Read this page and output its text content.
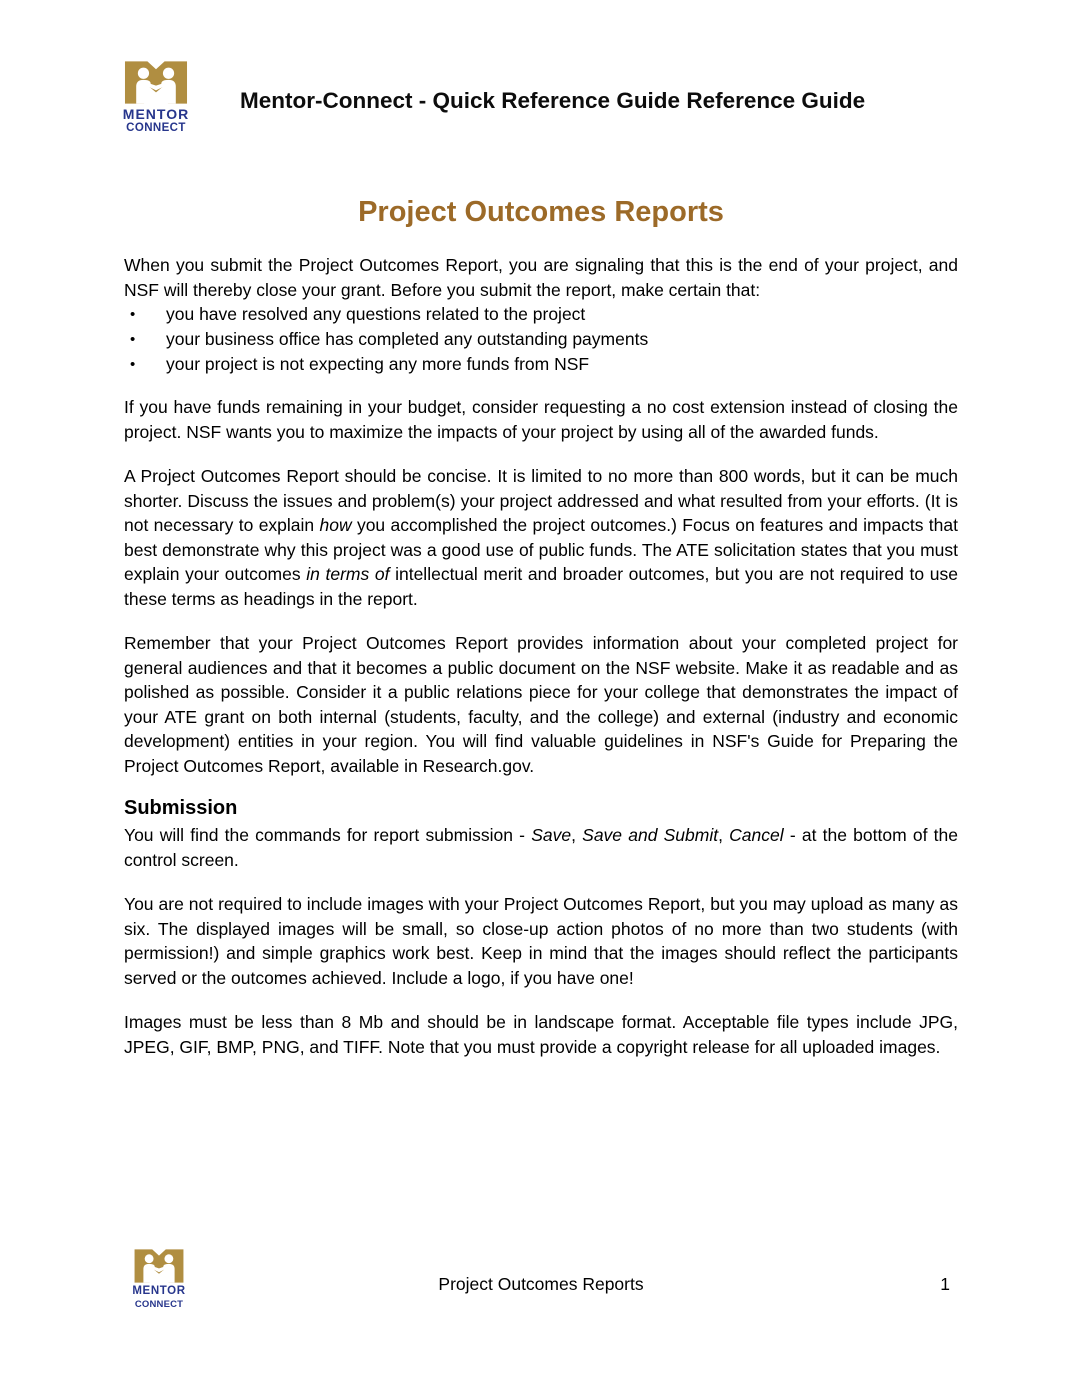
MENTOR
CONNECT
Mentor-Connect - Quick Reference Guide Reference Guide
Project Outcomes Reports

When you submit the Project Outcomes Report, you are signaling that this is the end of your project, and NSF will thereby close your grant. Before you submit the report, make certain that:

• you have resolved any questions related to the project
• your business office has completed any outstanding payments
• your project is not expecting any more funds from NSF

If you have funds remaining in your budget, consider requesting a no cost extension instead of closing the project. NSF wants you to maximize the impacts of your project by using all of the awarded funds.

A Project Outcomes Report should be concise. It is limited to no more than 800 words, but it can be much shorter. Discuss the issues and problem(s) your project addressed and what resulted from your efforts. (It is not necessary to explain how you accomplished the project outcomes.) Focus on features and impacts that best demonstrate why this project was a good use of public funds. The ATE solicitation states that you must explain your outcomes in terms of intellectual merit and broader outcomes, but you are not required to use these terms as headings in the report.

Remember that your Project Outcomes Report provides information about your completed project for general audiences and that it becomes a public document on the NSF website. Make it as readable and as polished as possible. Consider it a public relations piece for your college that demonstrates the impact of your ATE grant on both internal (students, faculty, and the college) and external (industry and economic development) entities in your region. You will find valuable guidelines in NSF's Guide for Preparing the Project Outcomes Report, available in Research.gov.

Submission

You will find the commands for report submission - Save, Save and Submit, Cancel - at the bottom of the control screen.

You are not required to include images with your Project Outcomes Report, but you may upload as many as six. The displayed images will be small, so close-up action photos of no more than two students (with permission!) and simple graphics work best. Keep in mind that the images should reflect the participants served or the outcomes achieved. Include a logo, if you have one!

Images must be less than 8 Mb and should be in landscape format. Acceptable file types include JPG, JPEG, GIF, BMP, PNG, and TIFF. Note that you must provide a copyright release for all uploaded images.

MENTOR
CONNECT
Project Outcomes Reports	1
